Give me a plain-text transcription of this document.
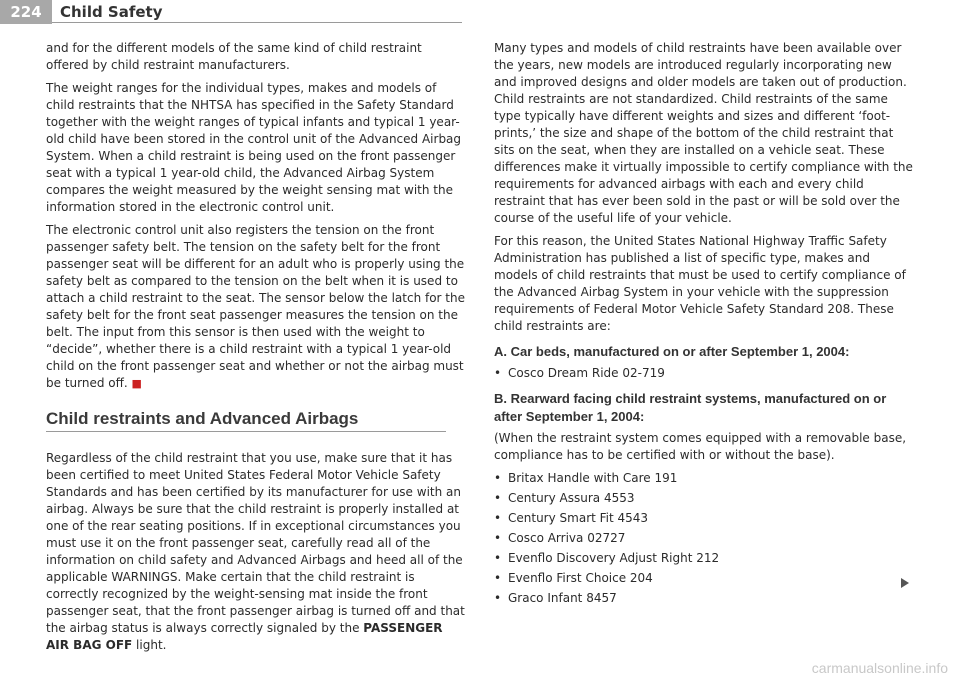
224	Child Safety

and for the different models of the same kind of child restraint offered by child restraint manufacturers.

The weight ranges for the individual types, makes and models of child restraints that the NHTSA has specified in the Safety Standard together with the weight ranges of typical infants and typical 1 year-old child have been stored in the control unit of the Advanced Airbag System. When a child restraint is being used on the front passenger seat with a typical 1 year-old child, the Advanced Airbag System compares the weight measured by the weight sensing mat with the information stored in the electronic control unit.

The electronic control unit also registers the tension on the front passenger safety belt. The tension on the safety belt for the front passenger seat will be different for an adult who is properly using the safety belt as compared to the tension on the belt when it is used to attach a child restraint to the seat. The sensor below the latch for the safety belt for the front seat passenger measures the tension on the belt. The input from this sensor is then used with the weight to “decide”, whether there is a child restraint with a typical 1 year-old child on the front passenger seat and whether or not the airbag must be turned off. ■

Child restraints and Advanced Airbags

Regardless of the child restraint that you use, make sure that it has been certified to meet United States Federal Motor Vehicle Safety Standards and has been certified by its manufacturer for use with an airbag. Always be sure that the child restraint is properly installed at one of the rear seating positions. If in exceptional circumstances you must use it on the front passenger seat, carefully read all of the information on child safety and Advanced Airbags and heed all of the applicable WARNINGS. Make certain that the child restraint is correctly recognized by the weight-sensing mat inside the front passenger seat, that the front passenger airbag is turned off and that the airbag status is always correctly signaled by the PASSENGER AIR BAG OFF light.

Many types and models of child restraints have been available over the years, new models are introduced regularly incorporating new and improved designs and older models are taken out of production. Child restraints are not standardized. Child restraints of the same type typically have different weights and sizes and different ‘foot-prints,’ the size and shape of the bottom of the child restraint that sits on the seat, when they are installed on a vehicle seat. These differences make it virtually impossible to certify compliance with the requirements for advanced airbags with each and every child restraint that has ever been sold in the past or will be sold over the course of the useful life of your vehicle.

For this reason, the United States National Highway Traffic Safety Administration has published a list of specific type, makes and models of child restraints that must be used to certify compliance of the Advanced Airbag System in your vehicle with the suppression requirements of Federal Motor Vehicle Safety Standard 208. These child restraints are:

A. Car beds, manufactured on or after September 1, 2004:
• Cosco Dream Ride 02-719
B. Rearward facing child restraint systems, manufactured on or after September 1, 2004:

(When the restraint system comes equipped with a removable base, compliance has to be certified with or without the base).

• Britax Handle with Care 191
• Century Assura 4553
• Century Smart Fit 4543
• Cosco Arriva 02727
• Evenflo Discovery Adjust Right 212
• Evenflo First Choice 204
• Graco Infant 8457
carmanualsonline.info
